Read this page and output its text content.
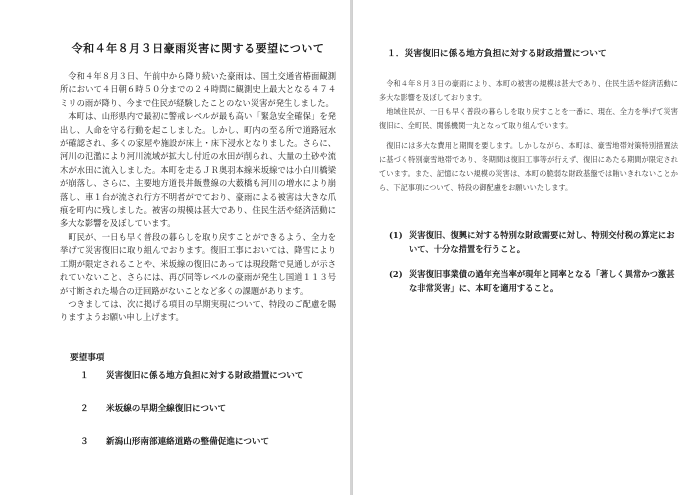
令和４年８月３日豪雨災害に関する要望について

令和４年８月３日、午前中から降り続いた豪雨は、国土交通省椿面観測所において４日朝６時５０分までの２４時間に観測史上最大となる４７４ミリの雨が降り、今まで住民が経験したことのない災害が発生しました。

本町は、山形県内で最初に警戒レベルが最も高い「緊急安全確保」を発出し、人命を守る行動を起こしました。しかし、町内の至る所で道路冠水が確認され、多くの家屋や施設が床上・床下浸水となりました。さらに、河川の氾濫により河川流域が拡大し付近の水田が削られ、大量の土砂や流木が水田に流入しました。本町を走るＪＲ奥羽本線米坂線では小白川橋梁が崩落し、さらに、主要地方道長井飯豊線の大薮橋も河川の増水により崩落し、車１台が流され行方不明者がでており、豪雨による被害は大きな爪痕を町内に残しました。被害の規模は甚大であり、住民生活や経済活動に多大な影響を及ぼしています。

町民が、一日も早く普段の暮らしを取り戻すことができるよう、全力を挙げて災害復旧に取り組んでおります。復旧工事においては、降雪により工期が限定されることや、米坂線の復旧にあっては現段階で見通しが示されていないこと、さらには、再び同等レベルの豪雨が発生し国道１１３号が寸断された場合の迂回路がないことなど多くの課題があります。

つきましては、次に掲げる項目の早期実現について、特段のご配慮を賜りますようお願い申し上げます。

要望事項
１	災害復旧に係る地方負担に対する財政措置について
２	米坂線の早期全線復旧について
３	新潟山形南部連絡道路の整備促進について
１．災害復旧に係る地方負担に対する財政措置について

令和４年８月３日の豪雨により、本町の被害の規模は甚大であり、住民生活や経済活動に多大な影響を及ぼしております。

地域住民が、一日も早く普段の暮らしを取り戻すことを一番に、現在、全力を挙げて災害復旧に、全町民、関係機関一丸となって取り組んでいます。

復旧には多大な費用と期間を要します。しかしながら、本町は、豪雪地帯対策特別措置法に基づく特別豪雪地帯であり、冬期間は復旧工事等が行えず、復旧にあたる期間が限定されています。また、記憶にない規模の災害は、本町の脆弱な財政基盤では賄いきれないことから、下記事項について、特段の御配慮をお願いいたします。

(1) 災害復旧、復興に対する特別な財政需要に対し、特別交付税の算定において、十分な措置を行うこと。
(2) 災害復旧事業債の過年充当率が現年と同率となる「著しく異常かつ激甚な非常災害」に、本町を適用すること。
